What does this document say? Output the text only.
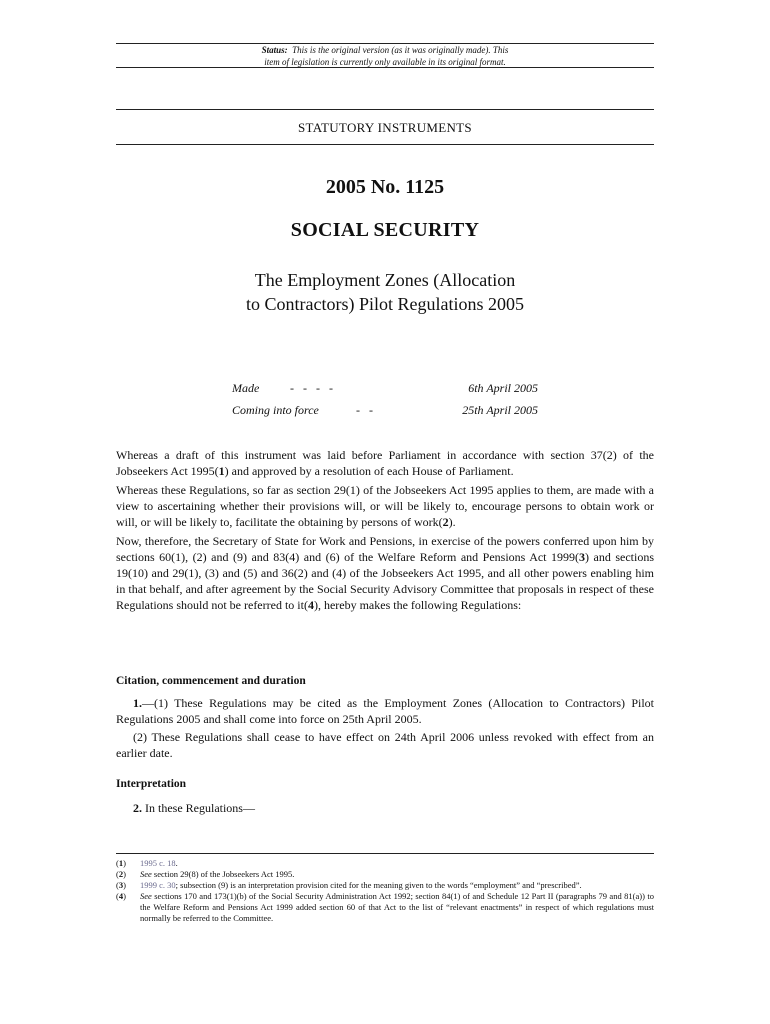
Status: This is the original version (as it was originally made). This
item of legislation is currently only available in its original format.
STATUTORY INSTRUMENTS
2005 No. 1125
SOCIAL SECURITY
The Employment Zones (Allocation
to Contractors) Pilot Regulations 2005
Made	-   -   -   -	6th April 2005
Coming into force	-   -	25th April 2005
Whereas a draft of this instrument was laid before Parliament in accordance with section 37(2) of the Jobseekers Act 1995(1) and approved by a resolution of each House of Parliament.
Whereas these Regulations, so far as section 29(1) of the Jobseekers Act 1995 applies to them, are made with a view to ascertaining whether their provisions will, or will be likely to, encourage persons to obtain work or will, or will be likely to, facilitate the obtaining by persons of work(2).
Now, therefore, the Secretary of State for Work and Pensions, in exercise of the powers conferred upon him by sections 60(1), (2) and (9) and 83(4) and (6) of the Welfare Reform and Pensions Act 1999(3) and sections 19(10) and 29(1), (3) and (5) and 36(2) and (4) of the Jobseekers Act 1995, and all other powers enabling him in that behalf, and after agreement by the Social Security Advisory Committee that proposals in respect of these Regulations should not be referred to it(4), hereby makes the following Regulations:
Citation, commencement and duration
1.—(1) These Regulations may be cited as the Employment Zones (Allocation to Contractors) Pilot Regulations 2005 and shall come into force on 25th April 2005.
(2) These Regulations shall cease to have effect on 24th April 2006 unless revoked with effect from an earlier date.
Interpretation
2. In these Regulations—
(1) 1995 c. 18.
(2) See section 29(8) of the Jobseekers Act 1995.
(3) 1999 c. 30; subsection (9) is an interpretation provision cited for the meaning given to the words “employment” and “prescribed”.
(4) See sections 170 and 173(1)(b) of the Social Security Administration Act 1992; section 84(1) of and Schedule 12 Part II (paragraphs 79 and 81(a)) to the Welfare Reform and Pensions Act 1999 added section 60 of that Act to the list of “relevant enactments” in respect of which regulations must normally be referred to the Committee.
